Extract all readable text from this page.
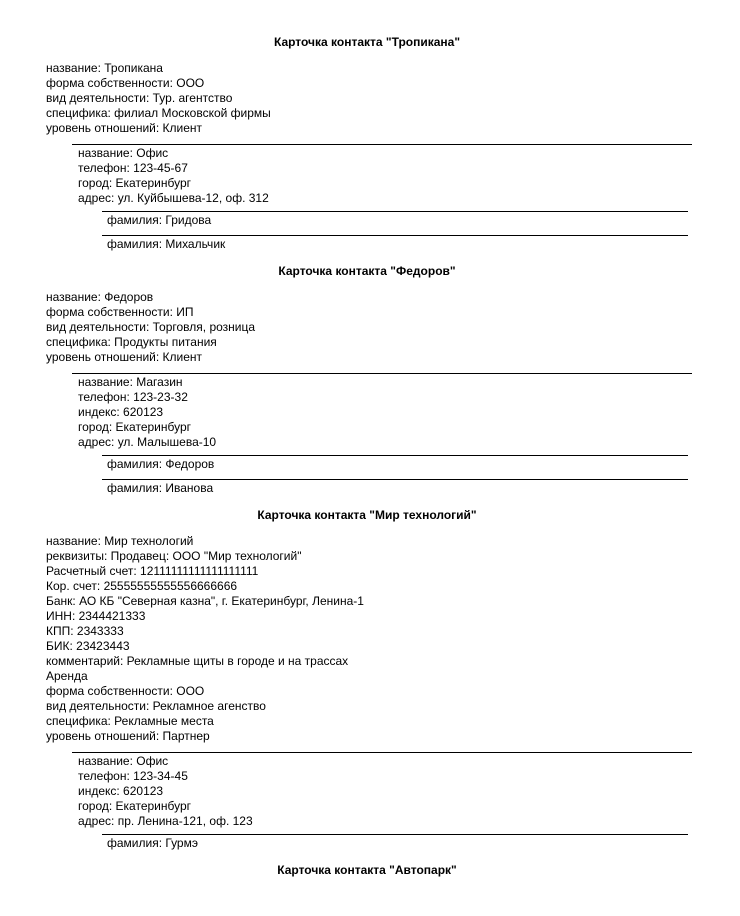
Карточка контакта "Тропикана"
название: Тропикана
форма собственности: ООО
вид деятельности: Тур. агентство
специфика: филиал Московской фирмы
уровень отношений: Клиент
название: Офис
телефон: 123-45-67
город: Екатеринбург
адрес: ул. Куйбышева-12, оф. 312
фамилия: Гридова
фамилия: Михальчик
Карточка контакта "Федоров"
название: Федоров
форма собственности: ИП
вид деятельности: Торговля, розница
специфика: Продукты питания
уровень отношений: Клиент
название: Магазин
телефон: 123-23-32
индекс: 620123
город: Екатеринбург
адрес: ул. Малышева-10
фамилия: Федоров
фамилия: Иванова
Карточка контакта "Мир технологий"
название: Мир технологий
реквизиты: Продавец: ООО "Мир технологий"
Расчетный счет: 12111111111111111111
Кор. счет: 25555555555556666666
Банк: АО КБ "Северная казна", г. Екатеринбург, Ленина-1
ИНН: 2344421333
КПП: 2343333
БИК: 23423443
комментарий: Рекламные щиты в городе и на трассах
Аренда
форма собственности: ООО
вид деятельности: Рекламное агенство
специфика: Рекламные места
уровень отношений: Партнер
название: Офис
телефон: 123-34-45
индекс: 620123
город: Екатеринбург
адрес: пр. Ленина-121, оф. 123
фамилия: Гурмэ
Карточка контакта "Автопарк"
